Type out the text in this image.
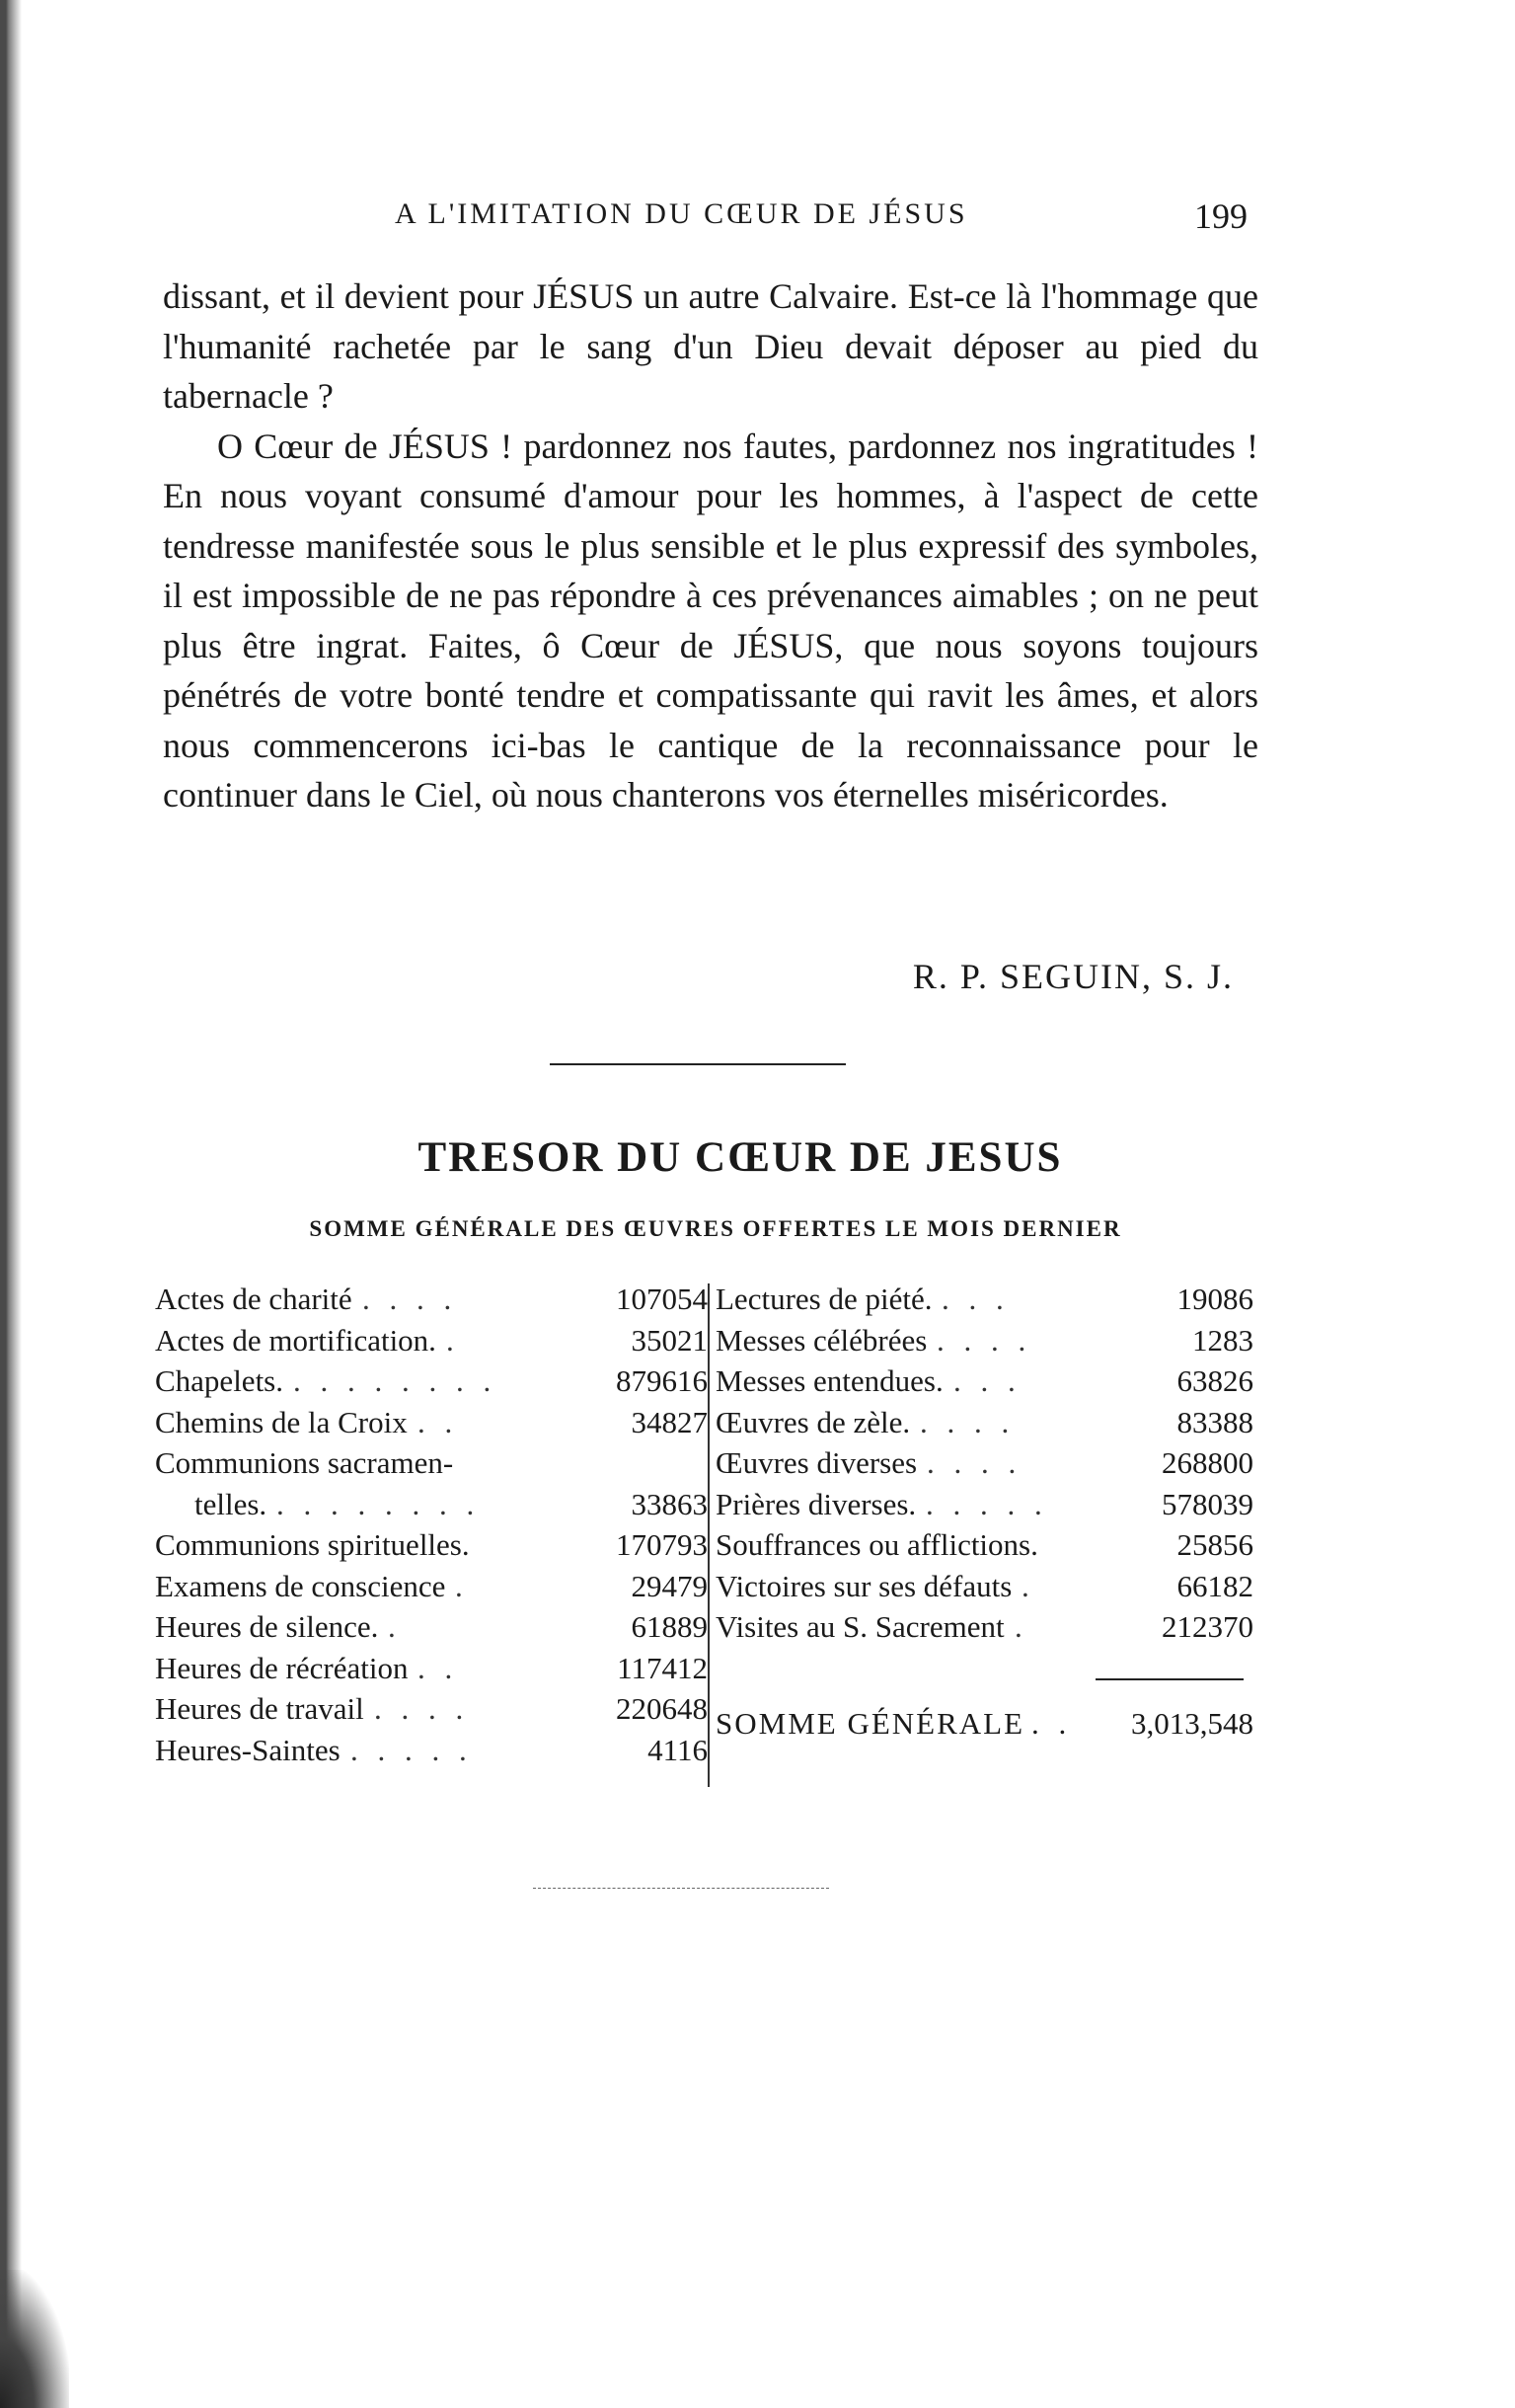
A L'IMITATION DU CŒUR DE JÉSUS	199

dissant, et il devient pour JÉSUS un autre Calvaire. Est-ce là l'hommage que l'humanité rachetée par le sang d'un Dieu devait déposer au pied du tabernacle ?

O Cœur de JÉSUS ! pardonnez nos fautes, pardonnez nos ingratitudes ! En nous voyant consumé d'amour pour les hommes, à l'aspect de cette tendresse manifestée sous le plus sensible et le plus expressif des symboles, il est impossible de ne pas répondre à ces prévenances aimables ; on ne peut plus être ingrat. Faites, ô Cœur de JÉSUS, que nous soyons toujours pénétrés de votre bonté tendre et compatissante qui ravit les âmes, et alors nous commencerons ici-bas le cantique de la reconnaissance pour le continuer dans le Ciel, où nous chanterons vos éternelles miséricordes.

R. P. SEGUIN, S. J.
TRESOR DU CŒUR DE JESUS
SOMME GÉNÉRALE DES ŒUVRES OFFERTES LE MOIS DERNIER
Actes de charité . . . .	107054
Actes de mortification. .	35021
Chapelets. . . . . . . . .	879616
Chemins de la Croix . .	34827
Communions sacramen-
telles. . . . . . . . .	33863
Communions spirituelles.	170793
Examens de conscience .	29479
Heures de silence. .	61889
Heures de récréation . .	117412
Heures de travail . . . .	220648
Heures-Saintes . . . . .	4116
Lectures de piété. . . .	19086
Messes célébrées . . . .	1283
Messes entendues. . . .	63826
Œuvres de zèle. . . . .	83388
Œuvres diverses . . . .	268800
Prières diverses. . . . . .	578039
Souffrances ou afflictions.	25856
Victoires sur ses défauts .	66182
Visites au S. Sacrement .	212370
SOMME GÉNÉRALE . . 3,013,548
